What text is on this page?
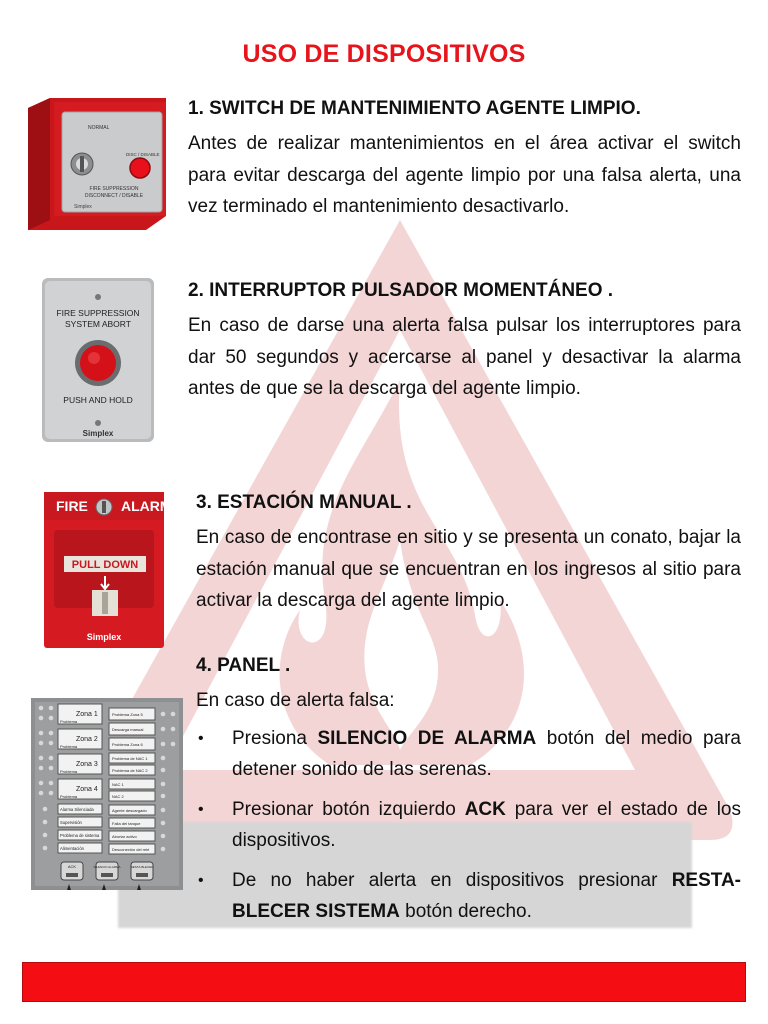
USO DE DISPOSITIVOS
1. SWITCH DE MANTENIMIENTO AGENTE LIMPIO.

Antes de realizar mantenimientos en el área activar el switch para evitar descarga del agente limpio por una falsa alerta, una vez terminado el mantenimiento desactivarlo.

2. INTERRUPTOR PULSADOR MOMENTÁNEO .

En caso de darse una alerta falsa pulsar los interruptores para dar 50 segundos y acercarse al panel y desactivar la alarma antes de que se la descarga del agente limpio.

3. ESTACIÓN MANUAL .

En caso de encontrase en sitio y se presenta un conato, bajar la estación manual que se encuentran en los ingresos al sitio para activar la descarga del agente limpio.

4. PANEL .

En caso de alerta falsa:

• Presiona SILENCIO DE ALARMA botón del medio para detener sonido de las serenas.
• Presionar botón izquierdo ACK para ver el estado de los dispositivos.
• De no haber alerta en dispositivos presionar RESTA-BLECER SISTEMA botón derecho.
NORMAL
DISC / DISABLE
FIRE SUPPRESSION
DISCONNECT / DISABLE
Simplex
FIRE SUPPRESSION
SYSTEM ABORT
PUSH AND HOLD
Simplex
FIRE ALARM
PULL DOWN
Simplex
Zona 1
Problema
Zona 2
Problema
Zona 3
Problema
Zona 4
Problema
Alarma Silenciada
Supervisión
Problema de sistema
Alimentación
Problema Zona 5
Descarga manual
Problema Zona 6
Problema de NAC 1
Problema de NAC 2
NAC 1
NAC 2
Agente descargado
Falla del tanque
Abortar activo
Desconexión del relé
ACK	SILENCIO ALARMA	RESTA-BLECER
